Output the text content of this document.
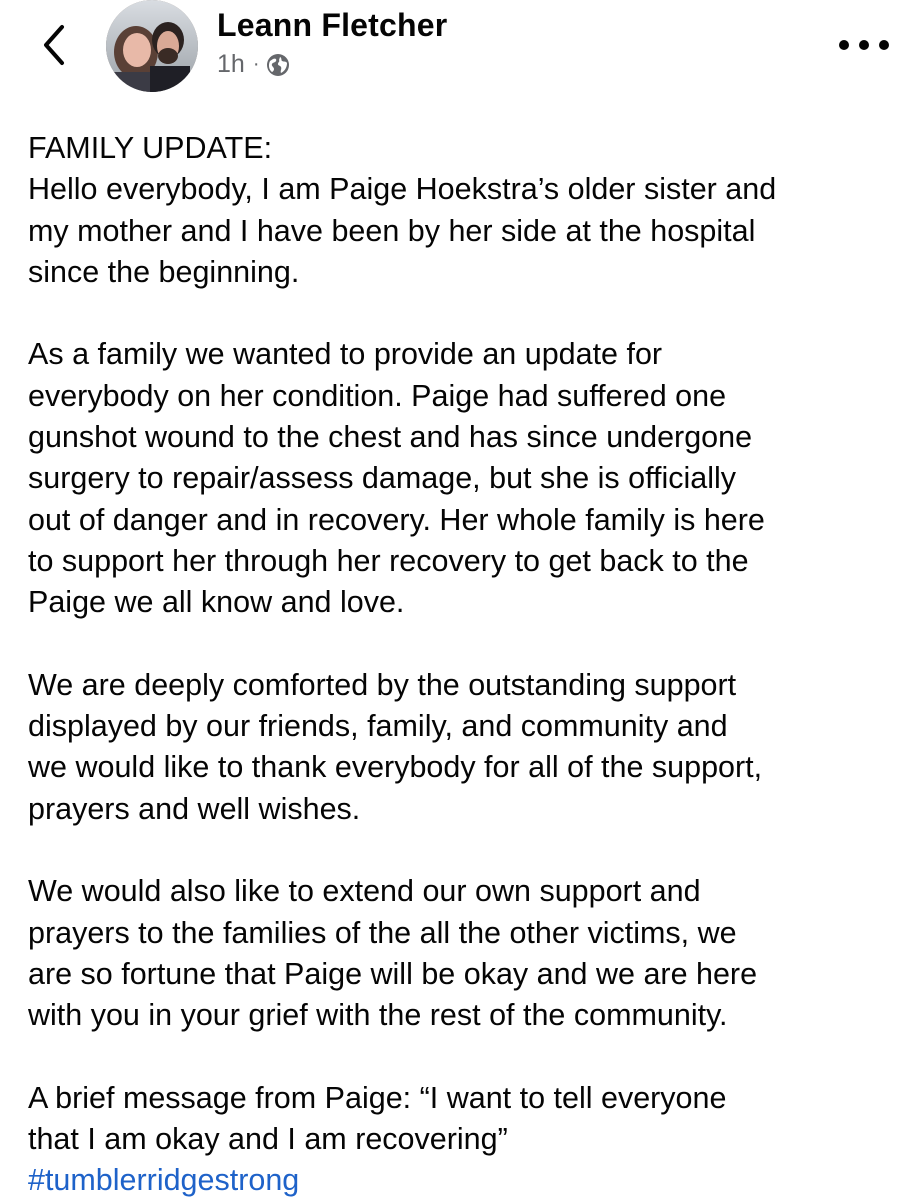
Leann Fletcher
1h ·

FAMILY UPDATE:
Hello everybody, I am Paige Hoekstra’s older sister and
my mother and I have been by her side at the hospital
since the beginning.

As a family we wanted to provide an update for
everybody on her condition. Paige had suffered one
gunshot wound to the chest and has since undergone
surgery to repair/assess damage, but she is officially
out of danger and in recovery. Her whole family is here
to support her through her recovery to get back to the
Paige we all know and love.

We are deeply comforted by the outstanding support
displayed by our friends, family, and community and
we would like to thank everybody for all of the support,
prayers and well wishes.

We would also like to extend our own support and
prayers to the families of the all the other victims, we
are so fortune that Paige will be okay and we are here
with you in your grief with the rest of the community.

A brief message from Paige: “I want to tell everyone
that I am okay and I am recovering”
#tumblerridgestrong
